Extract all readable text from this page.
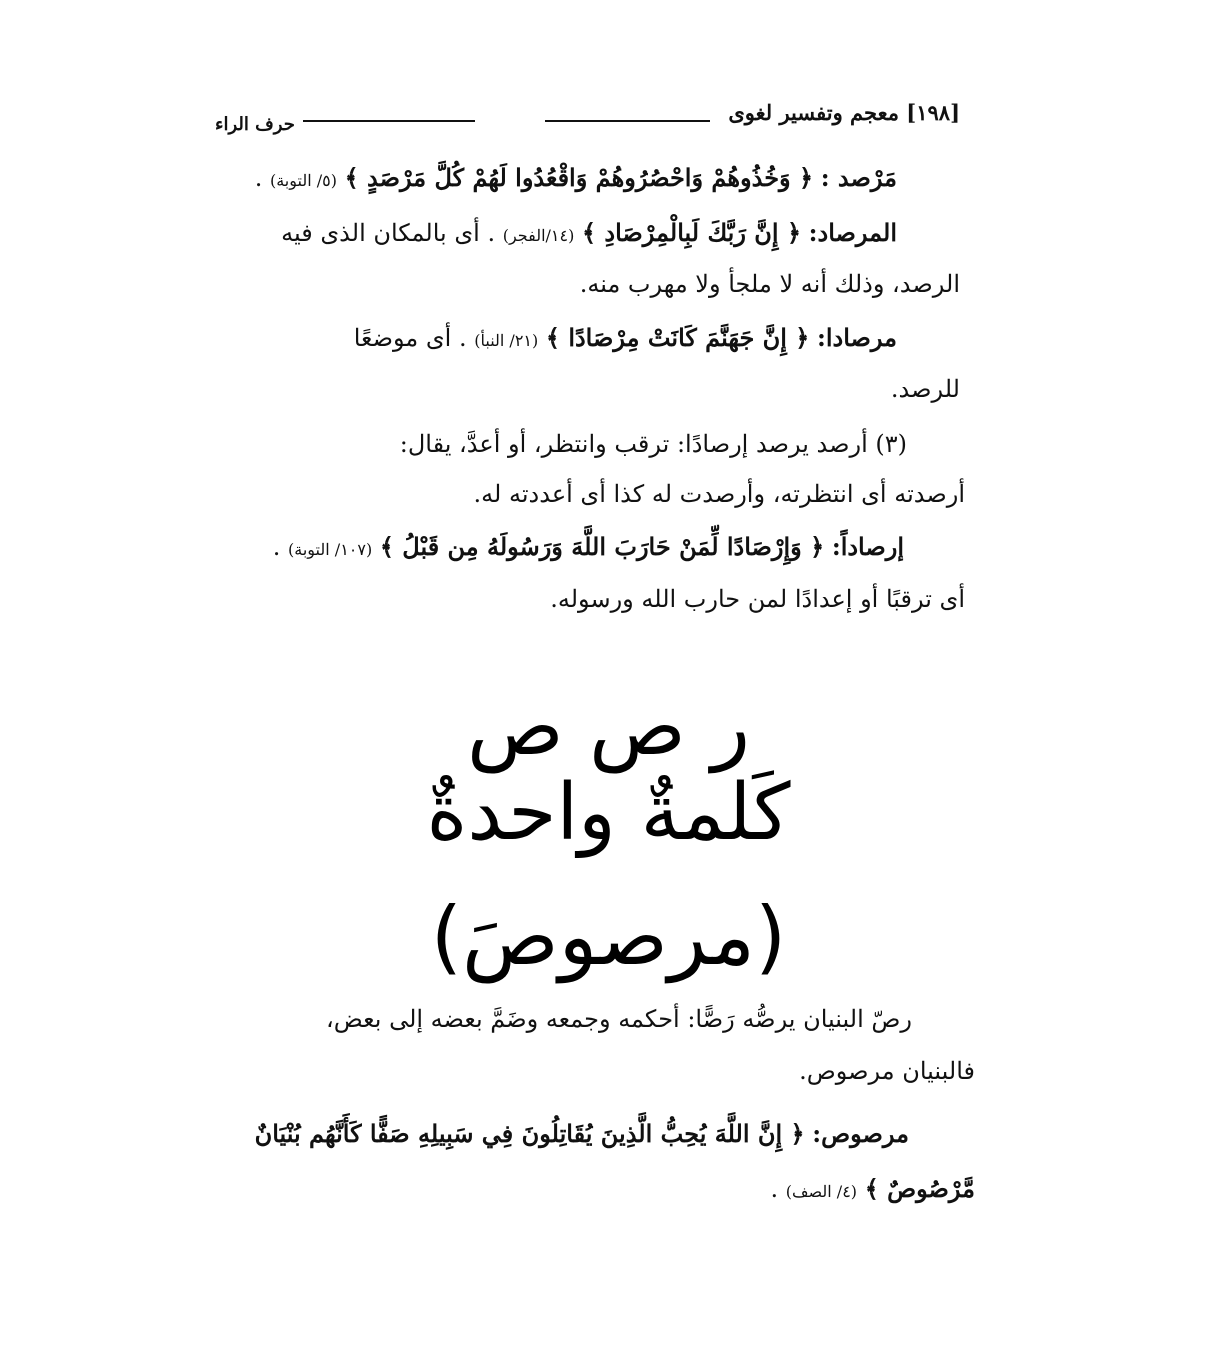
[١٩٨] معجم وتفسير لغوى
حرف الراء
مَرْصد : ﴿ وَخُذُوهُمْ وَاحْصُرُوهُمْ وَاقْعُدُوا لَهُمْ كُلَّ مَرْصَدٍ ﴾ (٥/ التوبة) .
المرصاد: ﴿ إِنَّ رَبَّكَ لَبِالْمِرْصَادِ ﴾ (١٤/الفجر) . أى بالمكان الذى فيه
الرصد، وذلك أنه لا ملجأ ولا مهرب منه.
مرصادا: ﴿ إِنَّ جَهَنَّمَ كَانَتْ مِرْصَادًا ﴾ (٢١/ النبأ) . أى موضعًا
للرصد.
(٣) أرصد يرصد إرصادًا: ترقب وانتظر، أو أعدَّ، يقال:
أرصدته أى انتظرته، وأرصدت له كذا أى أعددته له.
إرصاداً: ﴿ وَإِرْصَادًا لِّمَنْ حَارَبَ اللَّهَ وَرَسُولَهُ مِن قَبْلُ ﴾ (١٠٧/ التوبة) .
أى ترقبًا أو إعدادًا لمن حارب الله ورسوله.
ر ص ص
كَلمةٌ واحدةٌ
(مرصوصَ)
رصّ البنيان يرصُّه رَصًّا: أحكمه وجمعه وضَمَّ بعضه إلى بعض،
فالبنيان مرصوص.
مرصوص: ﴿ إِنَّ اللَّهَ يُحِبُّ الَّذِينَ يُقَاتِلُونَ فِي سَبِيلِهِ صَفًّا كَأَنَّهُم بُنْيَانٌ
مَّرْصُوصٌ ﴾ (٤/ الصف) .
